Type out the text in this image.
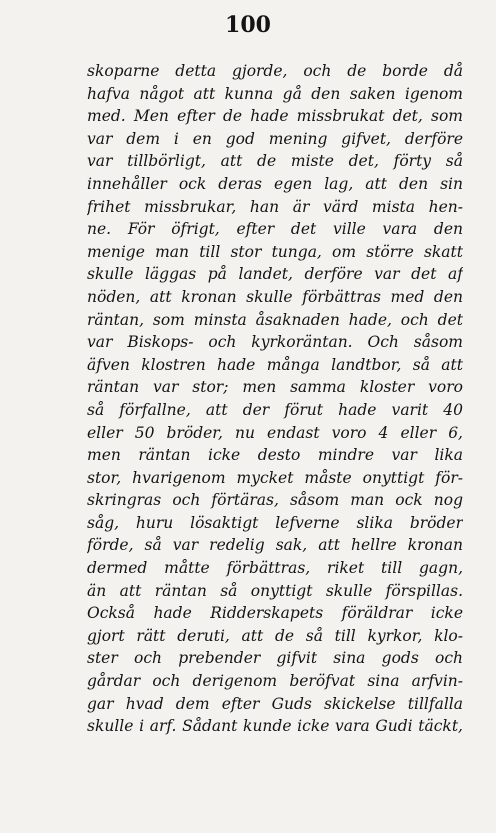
100
skoparne detta gjorde, och de borde då
hafva något att kunna gå den saken igenom
med. Men efter de hade missbrukat det, som
var dem i en god mening gifvet, derföre
var tillbörligt, att de miste det, förty så
innehåller ock deras egen lag, att den sin
frihet missbrukar, han är värd mista hen-
ne. För öfrigt, efter det ville vara den
menige man till stor tunga, om större skatt
skulle läggas på landet, derföre var det af
nöden, att kronan skulle förbättras med den
räntan, som minsta åsaknaden hade, och det
var Biskops- och kyrkoräntan. Och såsom
äfven klostren hade många landtbor, så att
räntan var stor; men samma kloster voro
så förfallne, att der förut hade varit 40
eller 50 bröder, nu endast voro 4 eller 6,
men räntan icke desto mindre var lika
stor, hvarigenom mycket måste onyttigt för-
skringras och förtäras, såsom man ock nog
såg, huru lösaktigt lefverne slika bröder
förde, så var redelig sak, att hellre kronan
dermed måtte förbättras, riket till gagn,
än att räntan så onyttigt skulle förspillas.
Också hade Ridderskapets föräldrar icke
gjort rätt deruti, att de så till kyrkor, klo-
ster och prebender gifvit sina gods och
gårdar och derigenom beröfvat sina arfvin-
gar hvad dem efter Guds skickelse tillfalla
skulle i arf. Sådant kunde icke vara Gudi täckt,
